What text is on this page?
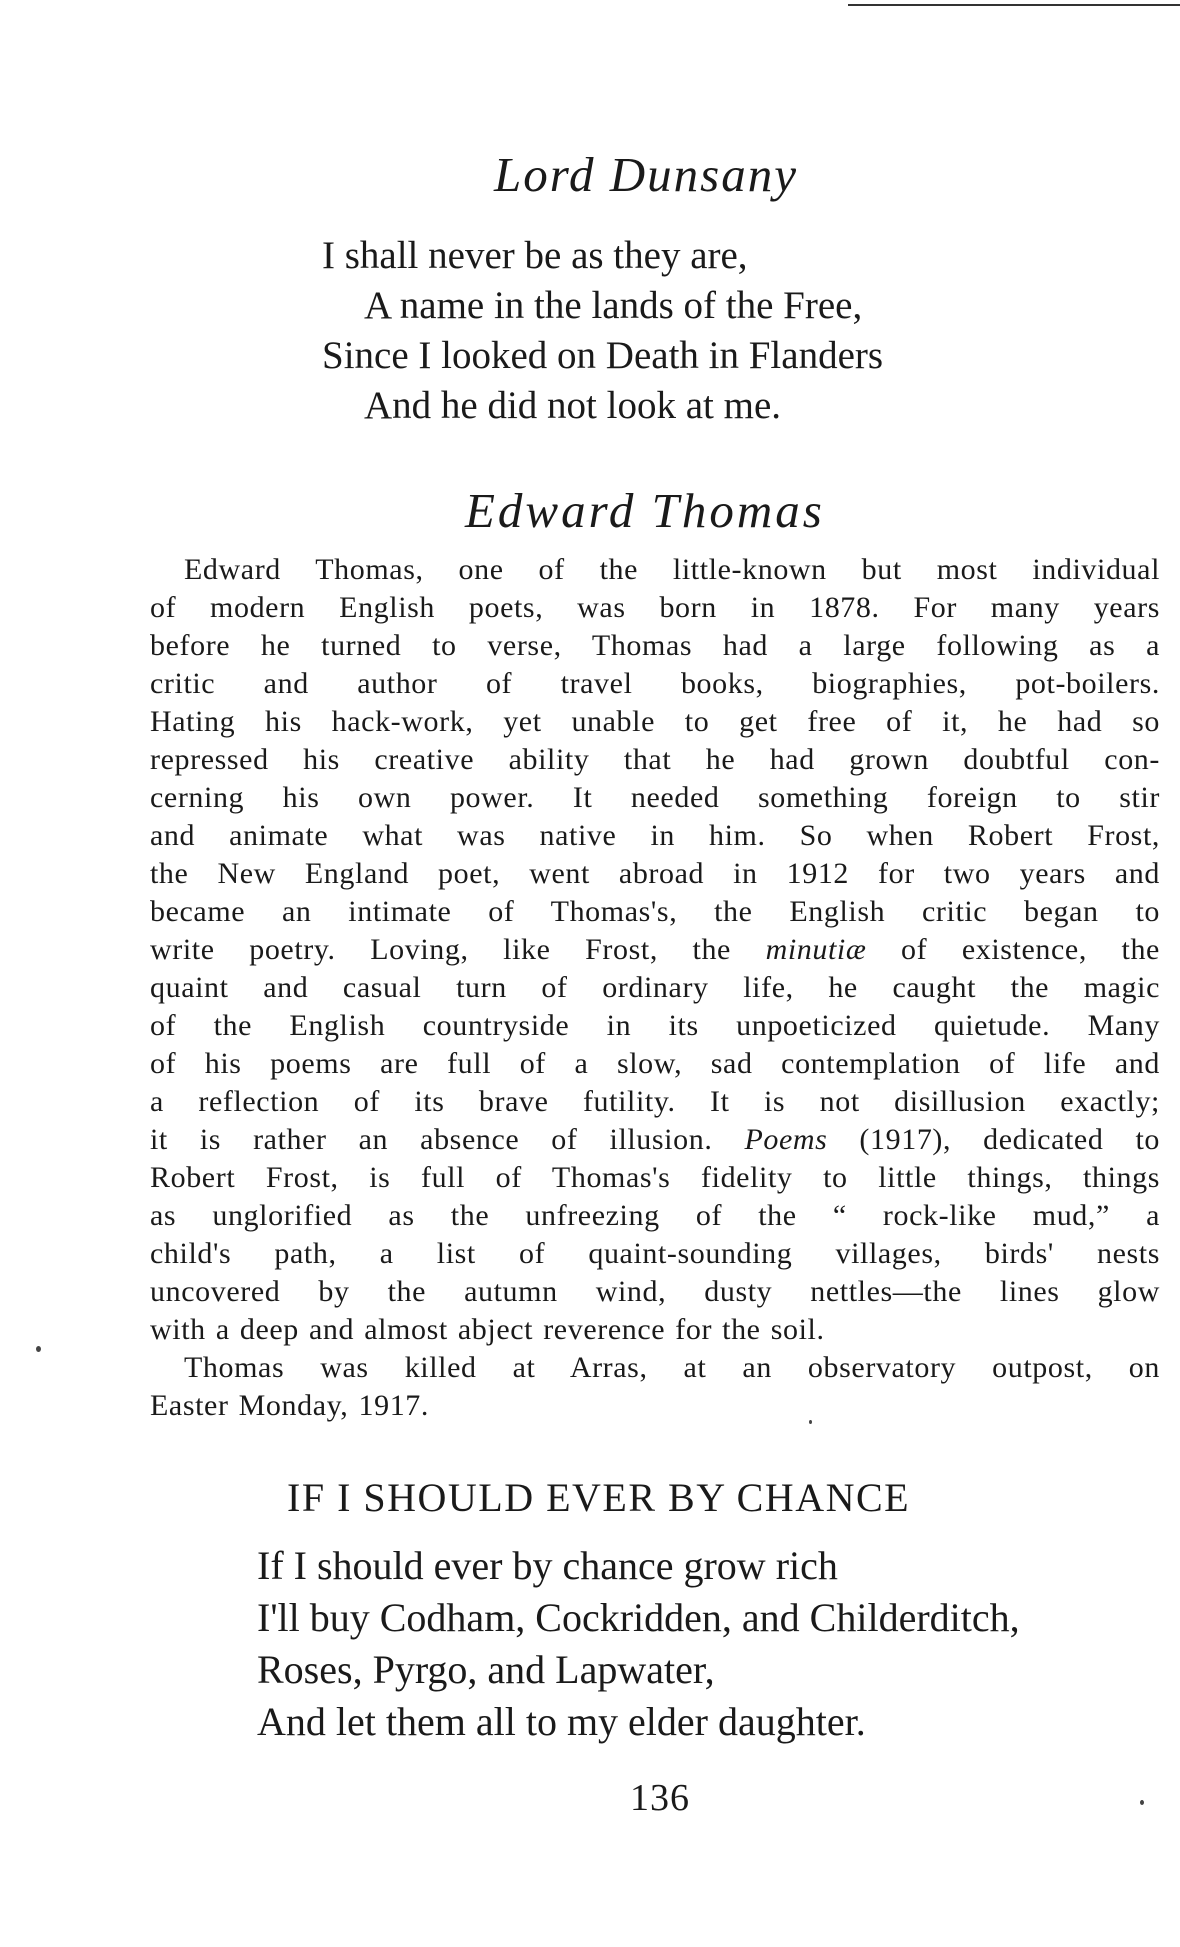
Lord Dunsany
I shall never be as they are,
A name in the lands of the Free,
Since I looked on Death in Flanders
And he did not look at me.
Edward Thomas
Edward Thomas, one of the little-known but most individual
of modern English poets, was born in 1878. For many years
before he turned to verse, Thomas had a large following as a
critic and author of travel books, biographies, pot-boilers.
Hating his hack-work, yet unable to get free of it, he had so
repressed his creative ability that he had grown doubtful con-
cerning his own power. It needed something foreign to stir
and animate what was native in him. So when Robert Frost,
the New England poet, went abroad in 1912 for two years and
became an intimate of Thomas's, the English critic began to
write poetry. Loving, like Frost, the minutiæ of existence, the
quaint and casual turn of ordinary life, he caught the magic
of the English countryside in its unpoeticized quietude. Many
of his poems are full of a slow, sad contemplation of life and
a reflection of its brave futility. It is not disillusion exactly;
it is rather an absence of illusion. Poems (1917), dedicated to
Robert Frost, is full of Thomas's fidelity to little things, things
as unglorified as the unfreezing of the “ rock-like mud,” a
child's path, a list of quaint-sounding villages, birds' nests
uncovered by the autumn wind, dusty nettles—the lines glow
with a deep and almost abject reverence for the soil.
Thomas was killed at Arras, at an observatory outpost, on
Easter Monday, 1917.
IF I SHOULD EVER BY CHANCE
If I should ever by chance grow rich
I'll buy Codham, Cockridden, and Childerditch,
Roses, Pyrgo, and Lapwater,
And let them all to my elder daughter.
136
